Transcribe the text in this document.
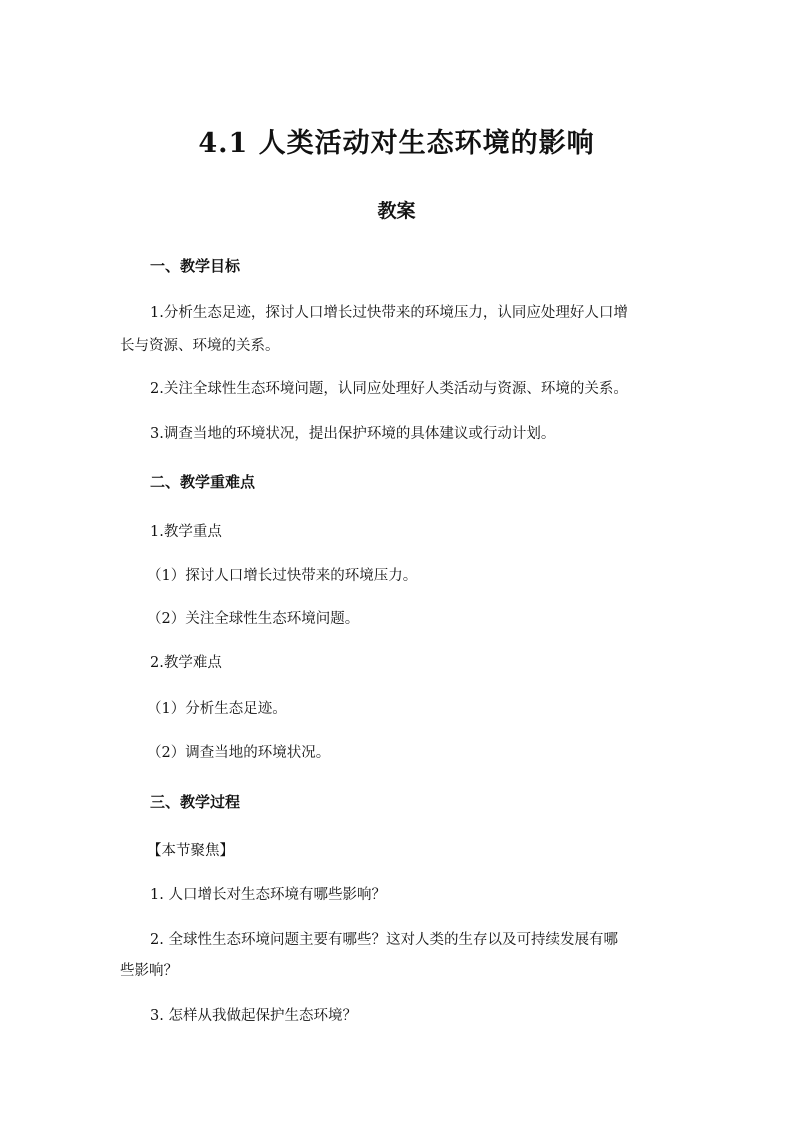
4.1 人类活动对生态环境的影响
教案
一、教学目标
1.分析生态足迹，探讨人口增长过快带来的环境压力，认同应处理好人口增
长与资源、环境的关系。
2.关注全球性生态环境问题，认同应处理好人类活动与资源、环境的关系。
3.调查当地的环境状况，提出保护环境的具体建议或行动计划。
二、教学重难点
1.教学重点
（1）探讨人口增长过快带来的环境压力。
（2）关注全球性生态环境问题。
2.教学难点
（1）分析生态足迹。
（2）调查当地的环境状况。
三、教学过程
【本节聚焦】
1. 人口增长对生态环境有哪些影响？
2. 全球性生态环境问题主要有哪些？这对人类的生存以及可持续发展有哪
些影响？
3. 怎样从我做起保护生态环境？
